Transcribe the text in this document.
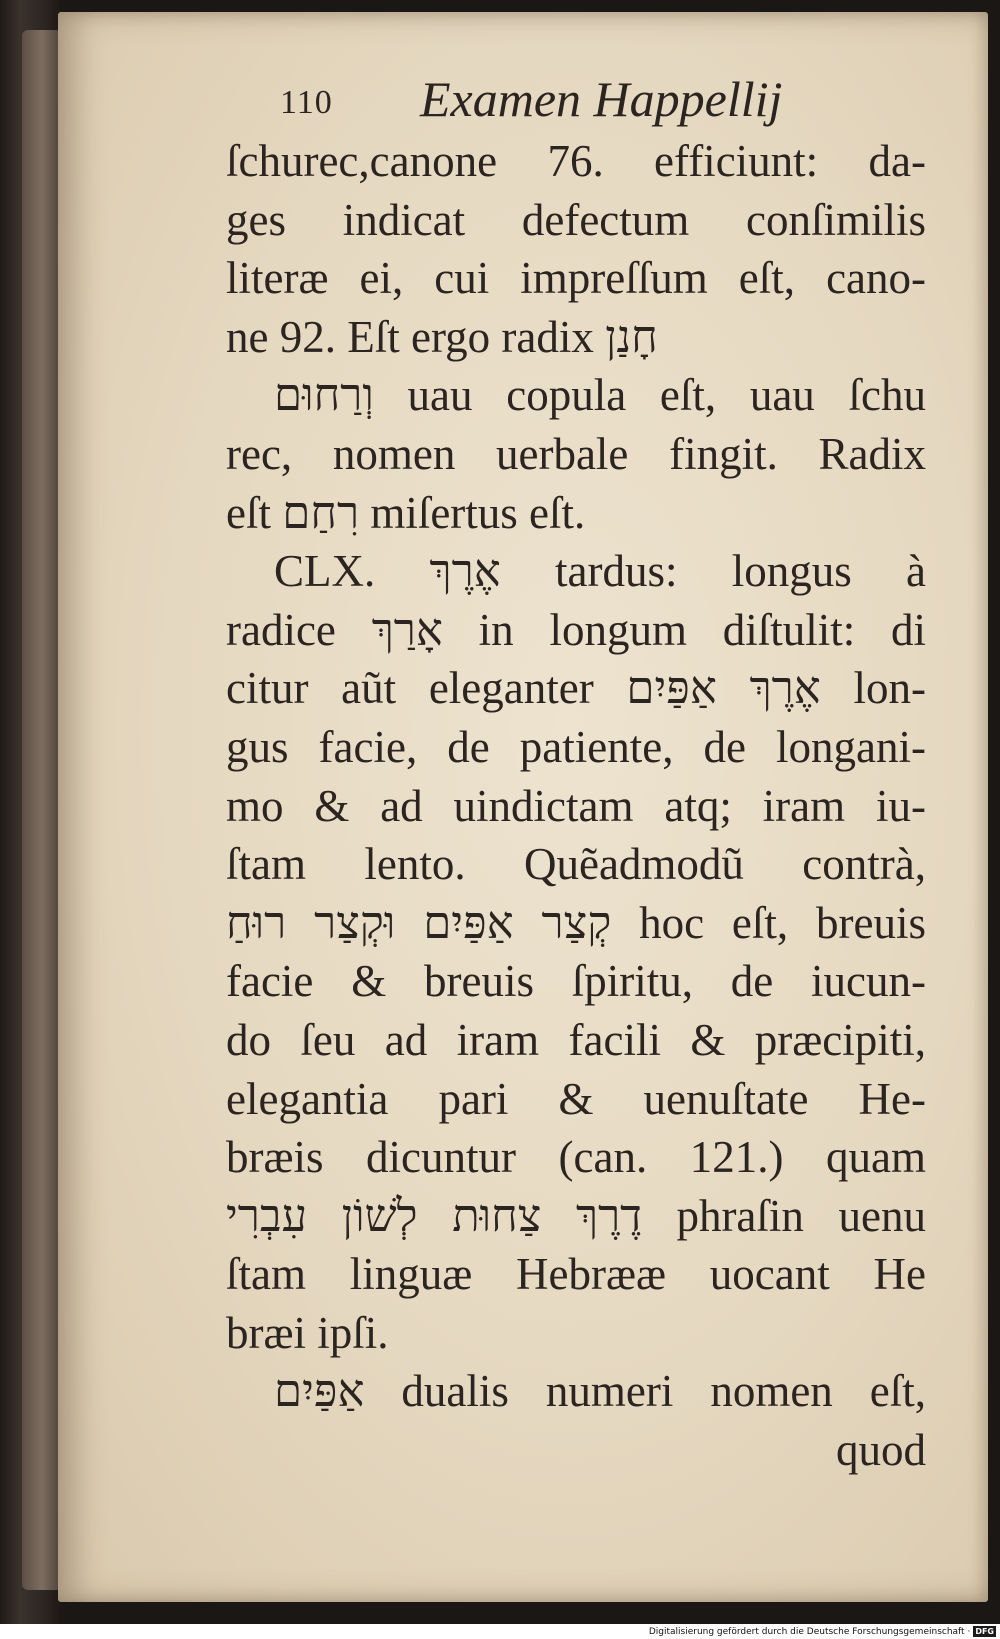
110 Examen Happellij
ſchurec,canone 76. efficiunt: da-
ges indicat defectum conſimilis
literæ ei, cui impreſſum eſt, cano-
ne 92. Eſt ergo radix חָנַן
וְרַחוּם uau copula eſt, uau ſchu
rec, nomen uerbale fingit. Radix
eſt רִחַם miſertus eſt.
CLX. אֶרֶךְ tardus: longus à
radice אָרַךְ in longum diſtulit: di
citur aũt eleganter אֶרֶךְ אַפַּיִם lon-
gus facie, de patiente, de longani-
mo & ad uindictam atq; iram iu-
ſtam lento. Quẽadmodũ contrà,
קְצַר אַפַּיִם וּקְצַר רוּחַ hoc eſt, breuis
facie & breuis ſpiritu, de iucun-
do ſeu ad iram facili & præcipiti,
elegantia pari & uenuſtate He-
bræis dicuntur (can. 121.) quam
דֶרֶךְ צַחוּת לְשׁוֹן עִבְרִי phraſin uenu
ſtam linguæ Hebrææ uocant He
bræi ipſi.
אַפַּיִם dualis numeri nomen eſt,
quod
Digitalisierung gefördert durch die Deutsche Forschungsgemeinschaft · DFG
